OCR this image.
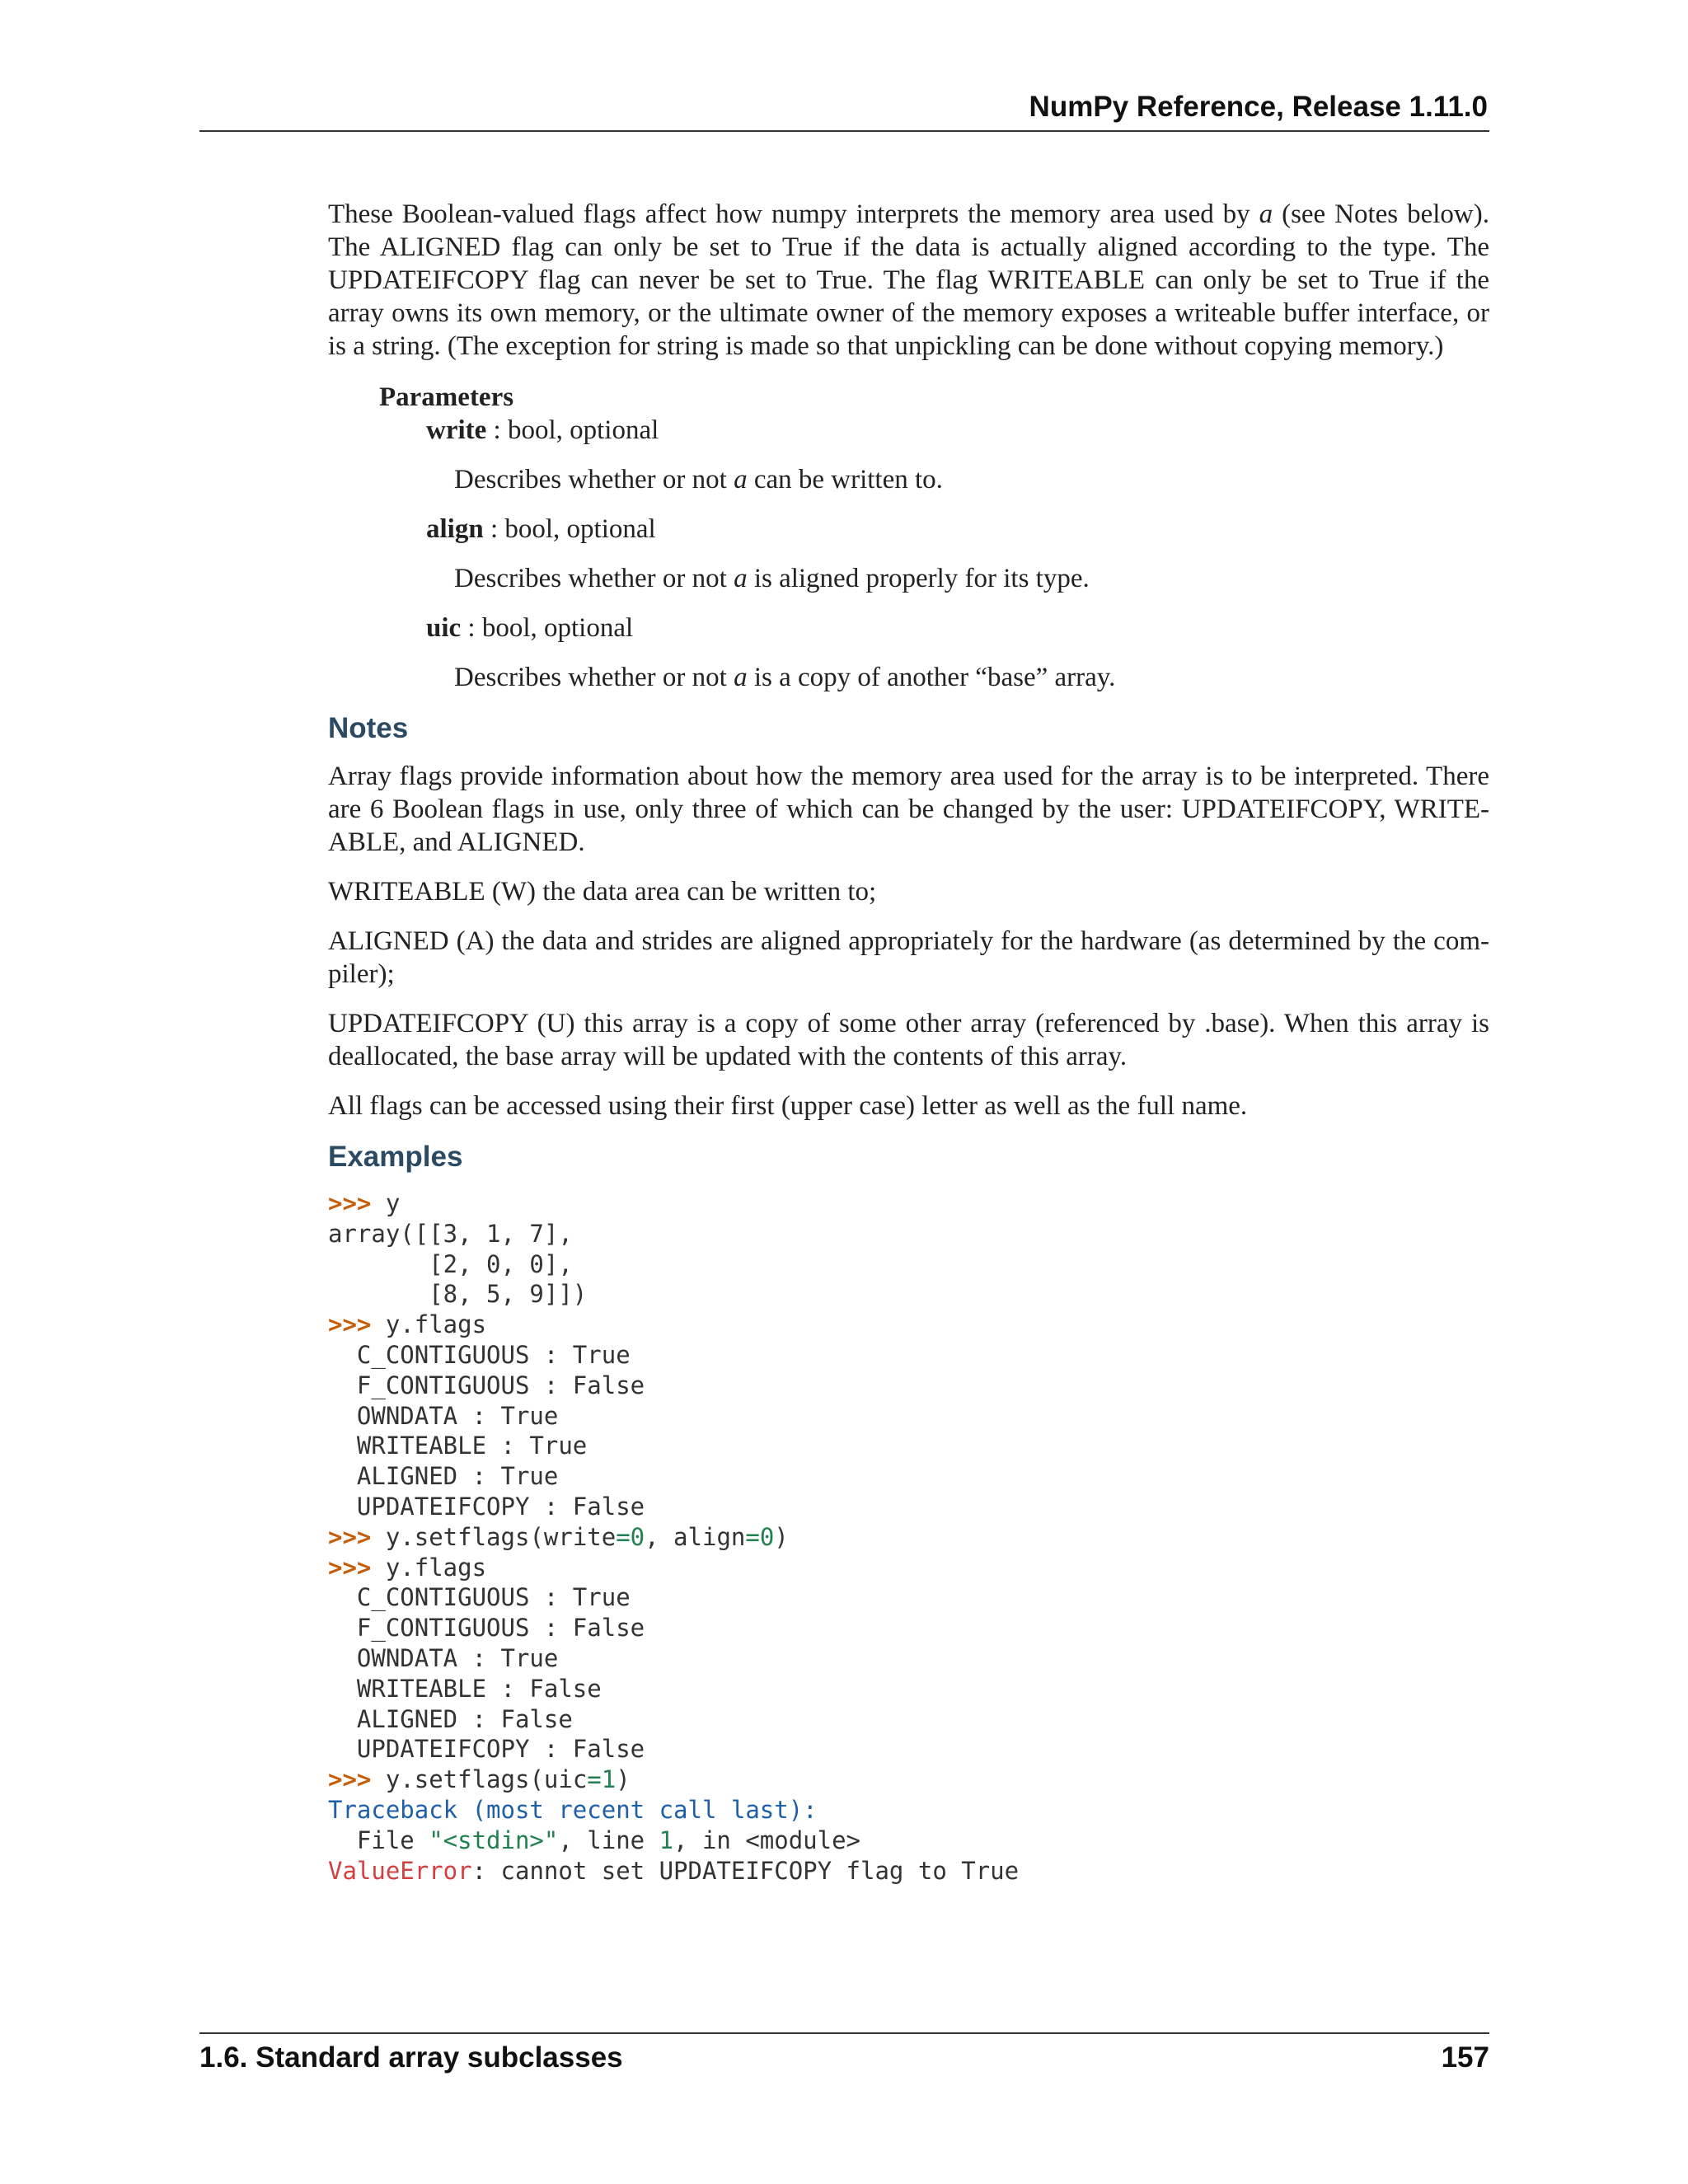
NumPy Reference, Release 1.11.0

These Boolean-valued flags affect how numpy interprets the memory area used by a (see Notes below). The ALIGNED flag can only be set to True if the data is actually aligned according to the type. The UPDATEIFCOPY flag can never be set to True. The flag WRITEABLE can only be set to True if the array owns its own memory, or the ultimate owner of the memory exposes a writeable buffer interface, or is a string. (The exception for string is made so that unpickling can be done without copying memory.)

Parameters
write : bool, optional
Describes whether or not a can be written to.
align : bool, optional
Describes whether or not a is aligned properly for its type.
uic : bool, optional
Describes whether or not a is a copy of another “base” array.
Notes

Array flags provide information about how the memory area used for the array is to be interpreted. There are 6 Boolean flags in use, only three of which can be changed by the user: UPDATEIFCOPY, WRITE-ABLE, and ALIGNED.

WRITEABLE (W) the data area can be written to;

ALIGNED (A) the data and strides are aligned appropriately for the hardware (as determined by the com-piler);

UPDATEIFCOPY (U) this array is a copy of some other array (referenced by .base). When this array is deallocated, the base array will be updated with the contents of this array.

All flags can be accessed using their first (upper case) letter as well as the full name.

Examples
>>> y
array([[3, 1, 7],
[2, 0, 0],
[8, 5, 9]])
>>> y.flags
C_CONTIGUOUS : True
F_CONTIGUOUS : False
OWNDATA : True
WRITEABLE : True
ALIGNED : True
UPDATEIFCOPY : False
>>> y.setflags(write=0, align=0)
>>> y.flags
C_CONTIGUOUS : True
F_CONTIGUOUS : False
OWNDATA : True
WRITEABLE : False
ALIGNED : False
UPDATEIFCOPY : False
>>> y.setflags(uic=1)
Traceback (most recent call last):
File "<stdin>", line 1, in <module>
ValueError: cannot set UPDATEIFCOPY flag to True
1.6. Standard array subclasses	157
